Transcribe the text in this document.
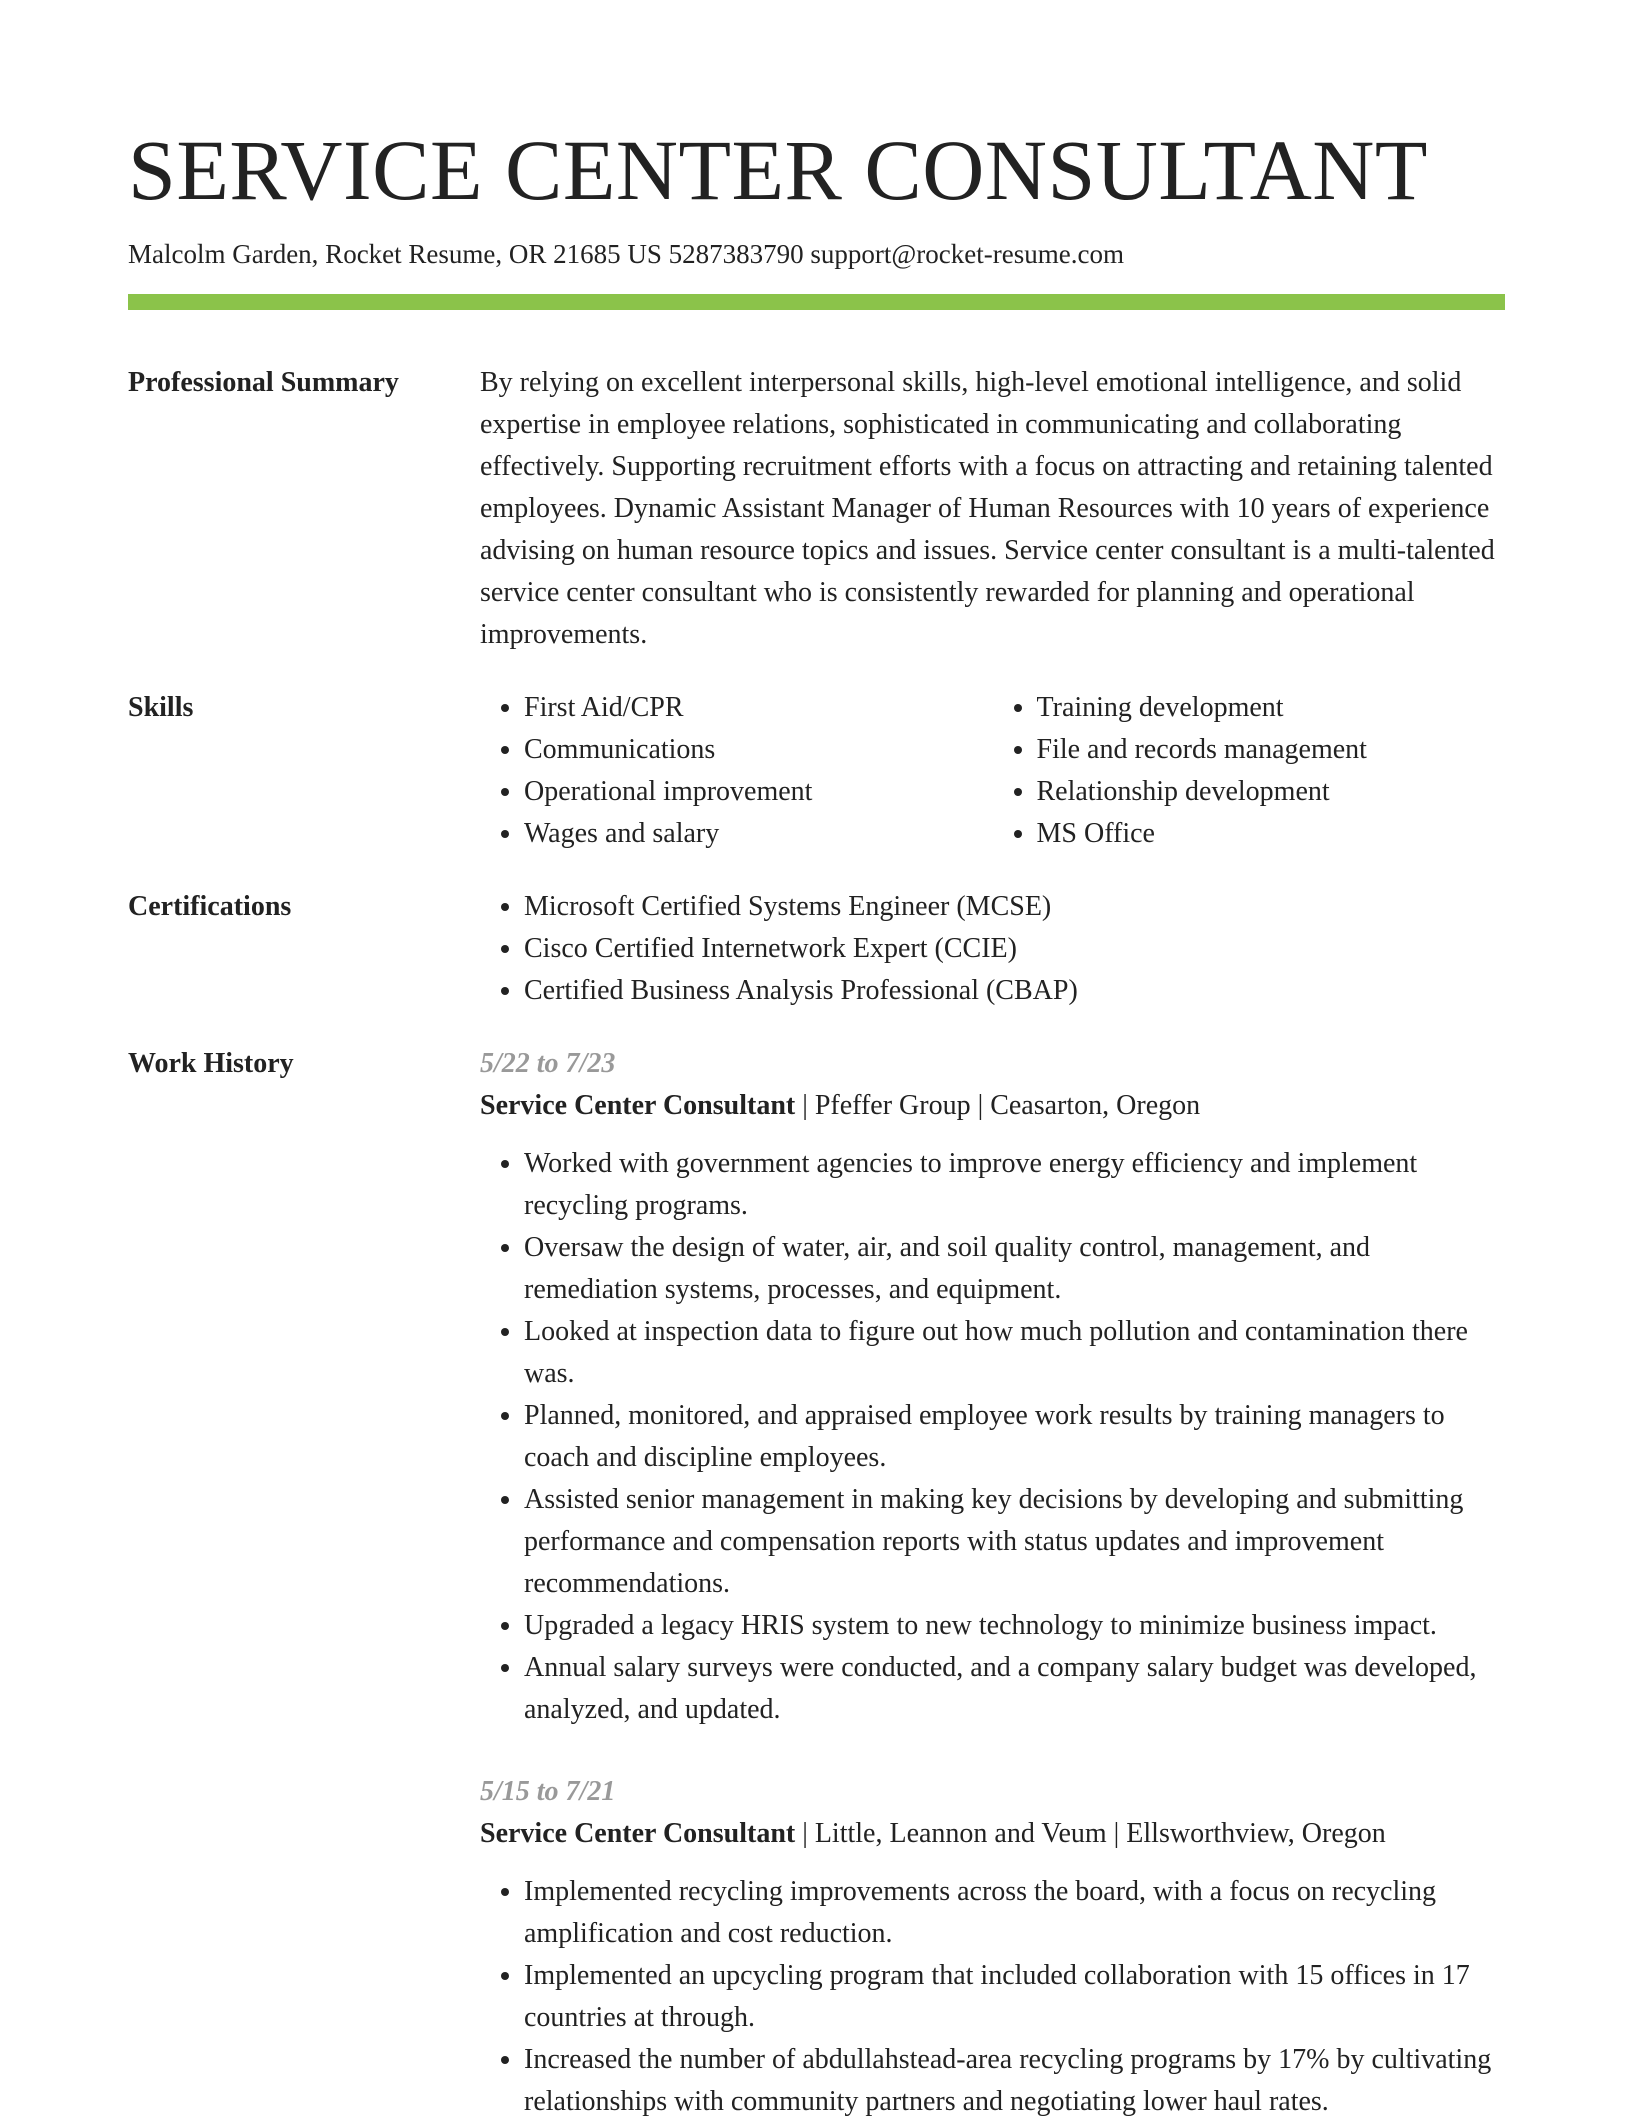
SERVICE CENTER CONSULTANT
Malcolm Garden, Rocket Resume, OR 21685 US 5287383790 support@rocket-resume.com
Professional Summary	By relying on excellent interpersonal skills, high-level emotional intelligence, and solid expertise in employee relations, sophisticated in communicating and collaborating effectively. Supporting recruitment efforts with a focus on attracting and retaining talented employees. Dynamic Assistant Manager of Human Resources with 10 years of experience advising on human resource topics and issues. Service center consultant is a multi-talented service center consultant who is consistently rewarded for planning and operational improvements.

Skills	• First Aid/CPR
• Communications
• Operational improvement
• Wages and salary
• Training development
• File and records management
• Relationship development
• MS Office
Certifications	• Microsoft Certified Systems Engineer (MCSE)
• Cisco Certified Internetwork Expert (CCIE)
• Certified Business Analysis Professional (CBAP)
Work History	5/22 to 7/23
Service Center Consultant | Pfeffer Group | Ceasarton, Oregon
• Worked with government agencies to improve energy efficiency and implement recycling programs.
• Oversaw the design of water, air, and soil quality control, management, and remediation systems, processes, and equipment.
• Looked at inspection data to figure out how much pollution and contamination there was.
• Planned, monitored, and appraised employee work results by training managers to coach and discipline employees.
• Assisted senior management in making key decisions by developing and submitting performance and compensation reports with status updates and improvement recommendations.
• Upgraded a legacy HRIS system to new technology to minimize business impact.
• Annual salary surveys were conducted, and a company salary budget was developed, analyzed, and updated.
5/15 to 7/21
Service Center Consultant | Little, Leannon and Veum | Ellsworthview, Oregon
• Implemented recycling improvements across the board, with a focus on recycling amplification and cost reduction.
• Implemented an upcycling program that included collaboration with 15 offices in 17 countries at through.
• Increased the number of abdullahstead-area recycling programs by 17% by cultivating relationships with community partners and negotiating lower haul rates.
